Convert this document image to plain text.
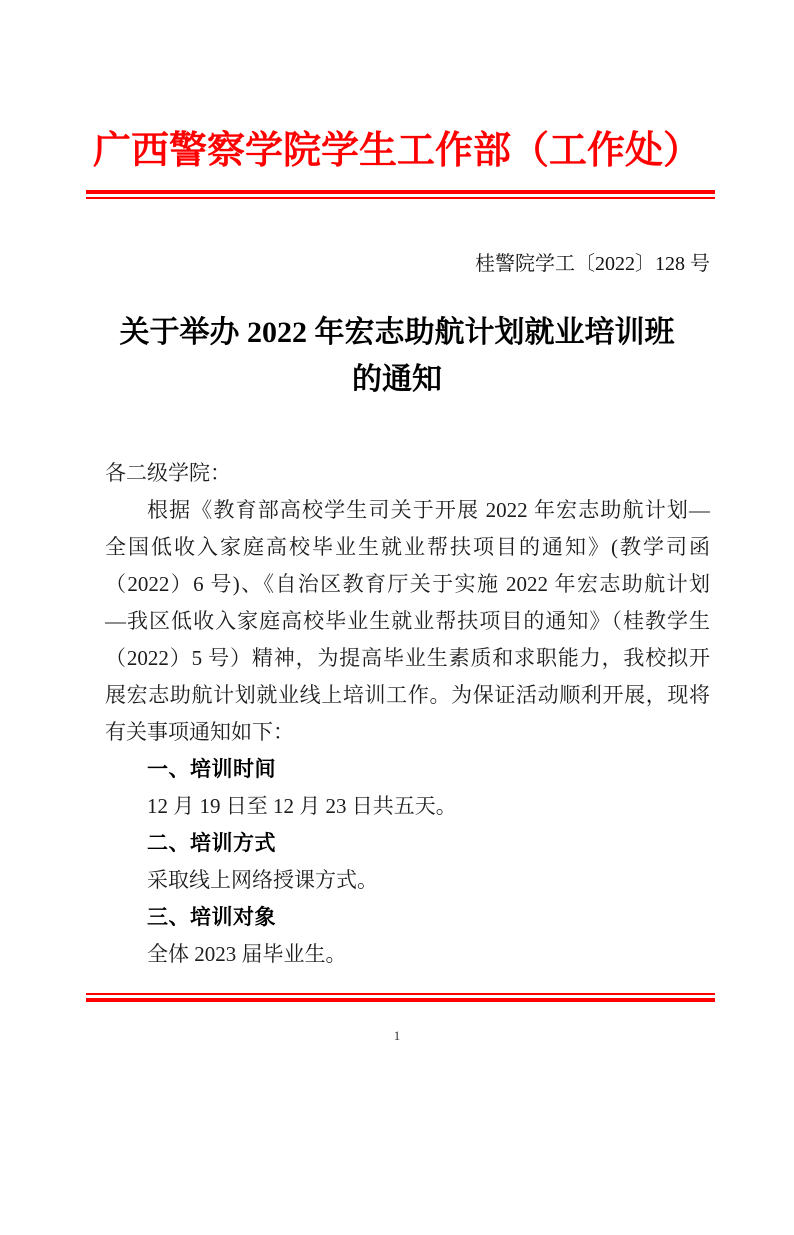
广西警察学院学生工作部（工作处）
桂警院学工〔2022〕128 号
关于举办 2022 年宏志助航计划就业培训班
的通知
各二级学院：
根据《教育部高校学生司关于开展 2022 年宏志助航计划—
全国低收入家庭高校毕业生就业帮扶项目的通知》(教学司函
（2022）6 号)、《自治区教育厅关于实施 2022 年宏志助航计划
—我区低收入家庭高校毕业生就业帮扶项目的通知》（桂教学生
（2022）5 号）精神，为提高毕业生素质和求职能力，我校拟开
展宏志助航计划就业线上培训工作。为保证活动顺利开展，现将
有关事项通知如下：
一、培训时间
12 月 19 日至 12 月 23 日共五天。
二、培训方式
采取线上网络授课方式。
三、培训对象
全体 2023 届毕业生。
1
